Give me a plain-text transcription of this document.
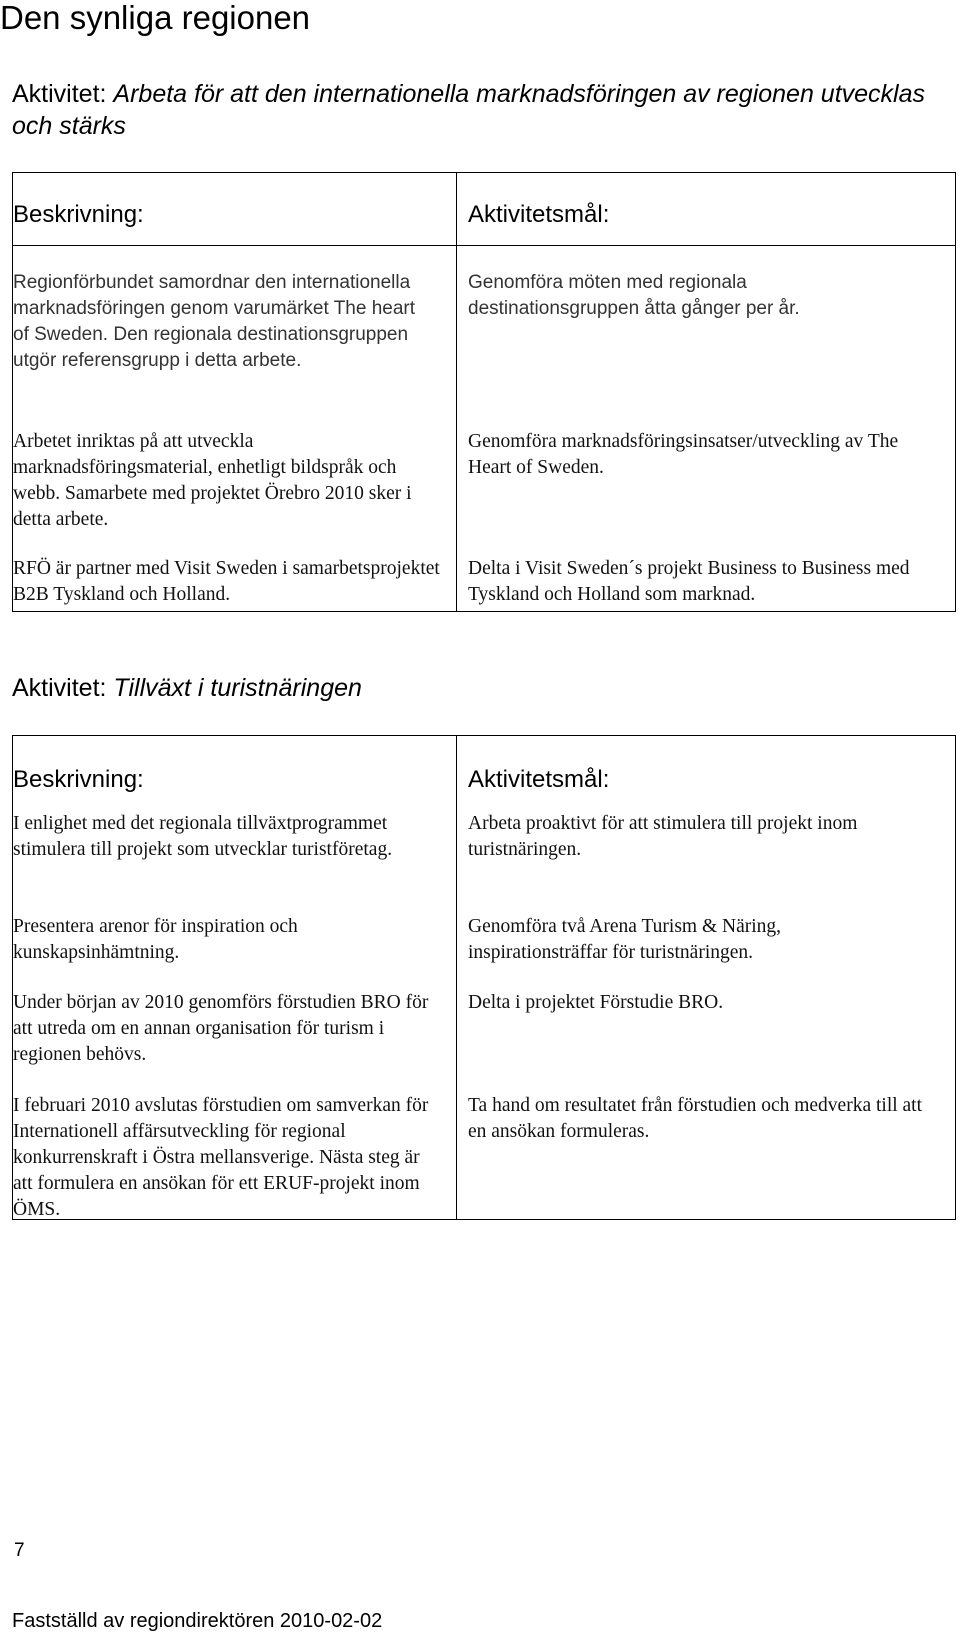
Den synliga regionen
Aktivitet: Arbeta för att den internationella marknadsföringen av regionen utvecklas och stärks
Beskrivning:	Aktivitetsmål:

Regionförbundet samordnar den internationella marknadsföringen genom varumärket The heart of Sweden. Den regionala destinationsgruppen utgör referensgrupp i detta arbete.

Arbetet inriktas på att utveckla marknadsföringsmaterial, enhetligt bildspråk och webb. Samarbete med projektet Örebro 2010 sker i detta arbete.

RFÖ är partner med Visit Sweden i samarbetsprojektet B2B Tyskland och Holland.

Genomföra möten med regionala destinationsgruppen åtta gånger per år.

Genomföra marknadsföringsinsatser/utveckling av The Heart of Sweden.

Delta i Visit Sweden´s projekt Business to Business med Tyskland och Holland som marknad.

Aktivitet: Tillväxt i turistnäringen
Beskrivning:	Aktivitetsmål:

I enlighet med det regionala tillväxtprogrammet stimulera till projekt som utvecklar turistföretag.

Presentera arenor för inspiration och kunskapsinhämtning.

Under början av 2010 genomförs förstudien BRO för att utreda om en annan organisation för turism i regionen behövs.

I februari 2010 avslutas förstudien om samverkan för Internationell affärsutveckling för regional konkurrenskraft i Östra mellansverige. Nästa steg är att formulera en ansökan för ett ERUF-projekt inom ÖMS.

Arbeta proaktivt för att stimulera till projekt inom turistnäringen.

Genomföra två Arena Turism & Näring, inspirationsträffar för turistnäringen.

Delta i projektet Förstudie BRO.

Ta hand om resultatet från förstudien och medverka till att en ansökan formuleras.

7
Fastställd av regiondirektören 2010-02-02
